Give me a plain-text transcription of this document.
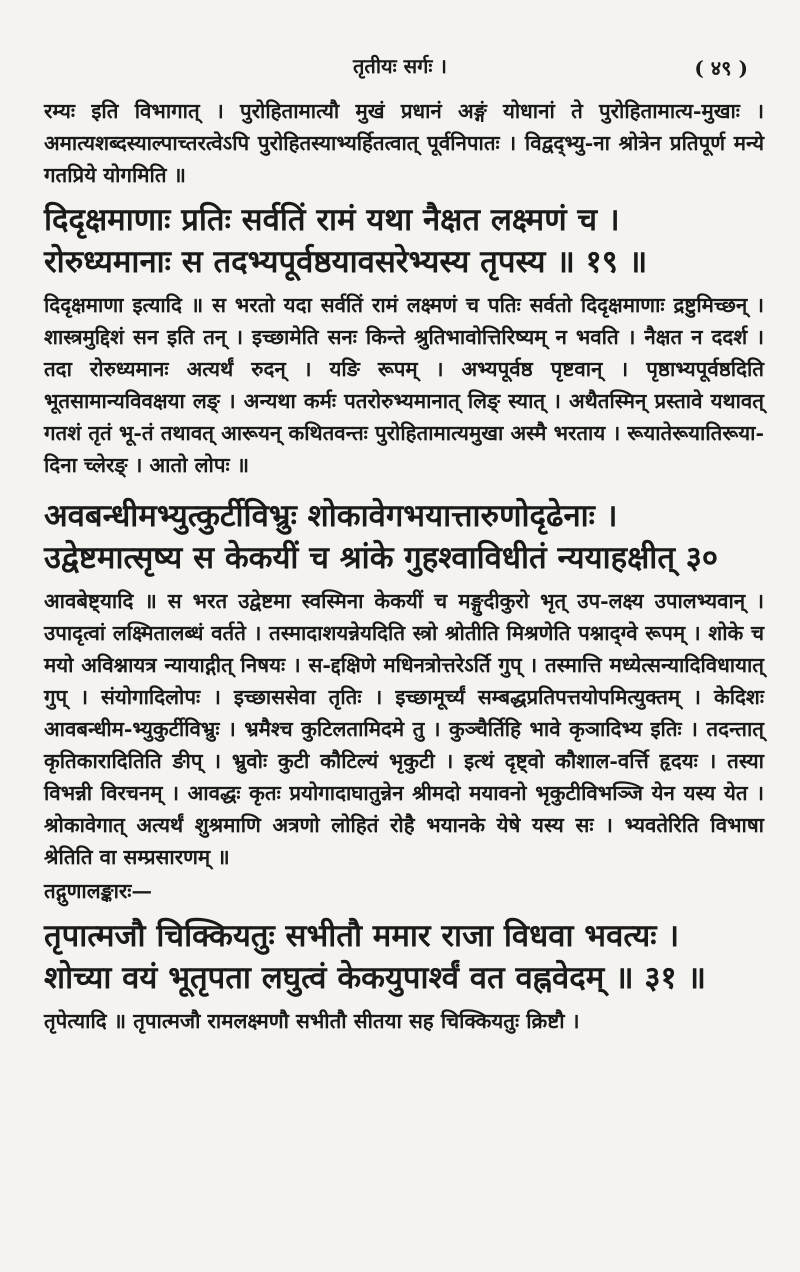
तृतीयः सर्गः ।	( ४९ )

रम्यः इति विभागात् । पुरोहितामात्यौ मुखं प्रधानं अङ्गं योधानां ते पुरोहितामात्य-मुखाः । अमात्यशब्दस्याल्पाच्तरत्वेऽपि पुरोहितस्याभ्यर्हितत्वात् पूर्वनिपातः । विद्वद्भ्यु-ना श्रोत्रेन प्रतिपूर्ण मन्ये गतप्रिये योगमिति ॥

दिदृक्षमाणाः प्रतिः सर्वतिं रामं यथा नैक्षत लक्ष्मणं च ।
रोरुध्यमानाः स तदभ्यपूर्वष्ठयावसरेभ्यस्य तृपस्य ॥ १९ ॥

दिदृक्षमाणा इत्यादि ॥ स भरतो यदा सर्वतिं रामं लक्ष्मणं च पतिः सर्वतो दिदृक्षमाणाः द्रष्टुमिच्छन् । शास्त्रमुद्दिशं सन इति तन् । इच्छामेति सनः किन्ते श्रुतिभावोत्तिरिष्यम् न भवति । नैक्षत न ददर्श । तदा रोरुध्यमानः अत्यर्थं रुदन् । यङि रूपम् । अभ्यपूर्वष्ठ पृष्टवान् । पृष्ठाभ्यपूर्वष्ठदिति भूतसामान्यविवक्षया लङ् । अन्यथा कर्मः पतरोरुभ्यमानात् लिङ् स्यात् । अथैतस्मिन् प्रस्तावे यथावत् गतशं तृतं भू-तं तथावत् आरूयन् कथितवन्तः पुरोहितामात्यमुखा अस्मै भरताय । रूयातेरूयातिरूया-दिना च्लेरङ् । आतो लोपः ॥

अवबन्धीमभ्युत्कुर्टीविभ्रुः शोकावेगभयात्तारुणोदृढेनाः ।

उद्वेष्टमात्सृष्य स केकयीं च श्रांके गुहश्वाविधीतं न्ययाहक्षीत् ३०

आवबेष्ट्यादि ॥ स भरत उद्वेष्टमा स्वस्मिना केकयीं च मङ्गुदीकुरो भृत् उप-लक्ष्य उपालभ्यवान् । उपादृत्वां लक्ष्मितालब्धं वर्तते । तस्मादाशयन्नेयदिति स्त्रो श्रोतीति मिश्रणेति पश्नाद्ग्वे रूपम् । शोके च मयो अविश्नायत्र न्यायाद्गीत् निषयः । स-द्दक्षिणे मधिनत्रोत्तरेऽर्ति गुप् । तस्मात्ति मध्येत्सन्यादिविधायात् गुप् । संयोगादिलोपः । इच्छाससेवा तृतिः । इच्छामूर्च्यं सम्बद्धप्रतिपत्तयोपमित्युक्तम् । केदिशः आवबन्धीम-भ्युकुर्टीविभ्रुः । भ्रमैश्च कुटिलतामिदमे तु । कुञ्चैर्तिहि भावे कृञादिभ्य इतिः । तदन्तात् कृतिकारादितिति ङीप् । भ्रुवोः कुटी कौटिल्यं भृकुटी । इत्थं दृष्ट्वो कौशाल-वर्त्ति हृदयः । तस्या विभन्नी विरचनम् । आवद्धः कृतः प्रयोगादाघातुन्नेन श्रीमदो मयावनो भृकुटीविभञ्जि येन यस्य येत । श्रोकावेगात् अत्यर्थं शुश्रमाणि अत्रणो लोहितं रोहै भयानके येषे यस्य सः । भ्यवतेरिति विभाषा श्रेतिति वा सम्प्रसारणम् ॥

तद्गुणालङ्कारः—

तृपात्मजौ चिक्कियतुः सभीतौ ममार राजा विधवा भवत्यः ।
शोच्या वयं भूतृपता लघुत्वं केकयुपार्श्वं वत वह्नवेदम् ॥ ३१ ॥

तृपेत्यादि ॥ तृपात्मजौ रामलक्ष्मणौ सभीतौ सीतया सह चिक्कियतुः क्रिष्टौ ।
